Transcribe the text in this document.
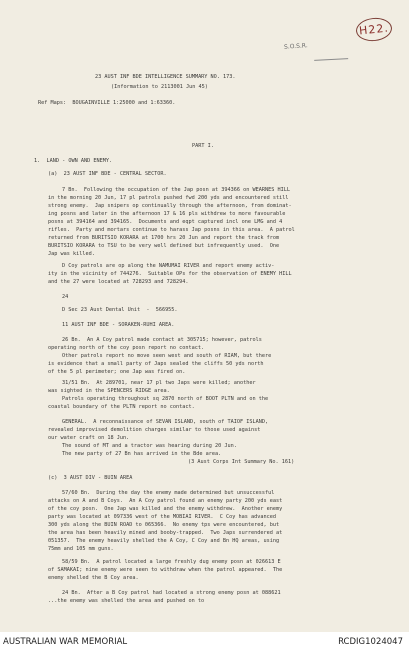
H22.
S.O.S.R.
23 AUST INF BDE INTELLIGENCE SUMMARY NO. 173.
(Information to 2113001 Jun 45)
Ref Maps:  BOUGAINVILLE 1:25000 and 1:63360.
PART I.
1.  LAND - OWN AND ENEMY.
(a)  23 AUST INF BDE - CENTRAL SECTOR.
7 Bn.  Following the occupation of the Jap posn at 394366 on WEARNES HILL
in the morning 20 Jun, 17 pl patrols pushed fwd 200 yds and encountered still
strong enemy.  Jap snipers op continually through the afternoon, from dominat-
ing posns and later in the afternoon 17 & 16 pls withdrew to more favourable
posns at 394164 and 394165.  Documents and eqpt captured incl one LMG and 4
rifles.  Party and mortars continue to harass Jap posns in this area.  A patrol
returned from BURITSIO KORARA at 1700 hrs 20 Jun and report the track from
BURITSIO KORARA to TSU to be very well defined but infrequently used.  One
Jap was killed.
D Coy patrols are op along the NAMUMAI RIVER and report enemy activ-
ity in the vicinity of 744276.  Suitable OPs for the observation of ENEMY HILL
and the 27 were located at 728293 and 728294.
24
D Sec 23 Aust Dental Unit  -  566955.
11 AUST INF BDE - SORAKEN-RUHI AREA.
26 Bn.  An A Coy patrol made contact at 305715; however, patrols
operating north of the coy posn report no contact.
Other patrols report no move seen west and south of RIAM, but there
is evidence that a small party of Japs sealed the cliffs 50 yds north
of the 5 pl perimeter; one Jap was fired on.
31/51 Bn.  At 289701, near 17 pl two Japs were killed; another
was sighted in the SPENCERS RIDGE area.
Patrols operating throughout sq 2870 north of BOOT PLTN and on the
coastal boundary of the PLTN report no contact.
GENERAL.  A reconnaissance of SEVAN ISLAND, south of TAIOF ISLAND,
revealed improvised demolition charges similar to those used against
our water craft on 18 Jun.
The sound of MT and a tractor was hearing during 20 Jun.
The new party of 27 Bn has arrived in the Bde area.
(3 Aust Corps Int Summary No. 161)
(c)  3 AUST DIV - BUIN AREA
57/60 Bn.  During the day the enemy made determined but unsuccessful
attacks on A and B Coys.  An A Coy patrol found an enemy party 200 yds east
of the coy posn.  One Jap was killed and the enemy withdrew.  Another enemy
party was located at 097336 west of the MOBIAI RIVER.  C Coy has advanced
300 yds along the BUIN ROAD to 065366.  No enemy tps were encountered, but
the area has been heavily mined and booby-trapped.  Two Japs surrendered at
051357.  The enemy heavily shelled the A Coy, C Coy and Bn HQ areas, using
75mm and 105 mm guns.
58/59 Bn.  A patrol located a large freshly dug enemy posn at 026613 E
of SAMAKAI; nine enemy were seen to withdraw when the patrol appeared.  The
enemy shelled the B Coy area.
24 Bn.  After a B Coy patrol had located a strong enemy posn at 088621
...the enemy was shelled the area and pushed on to
AUSTRALIAN WAR MEMORIAL	RCDIG1024047
